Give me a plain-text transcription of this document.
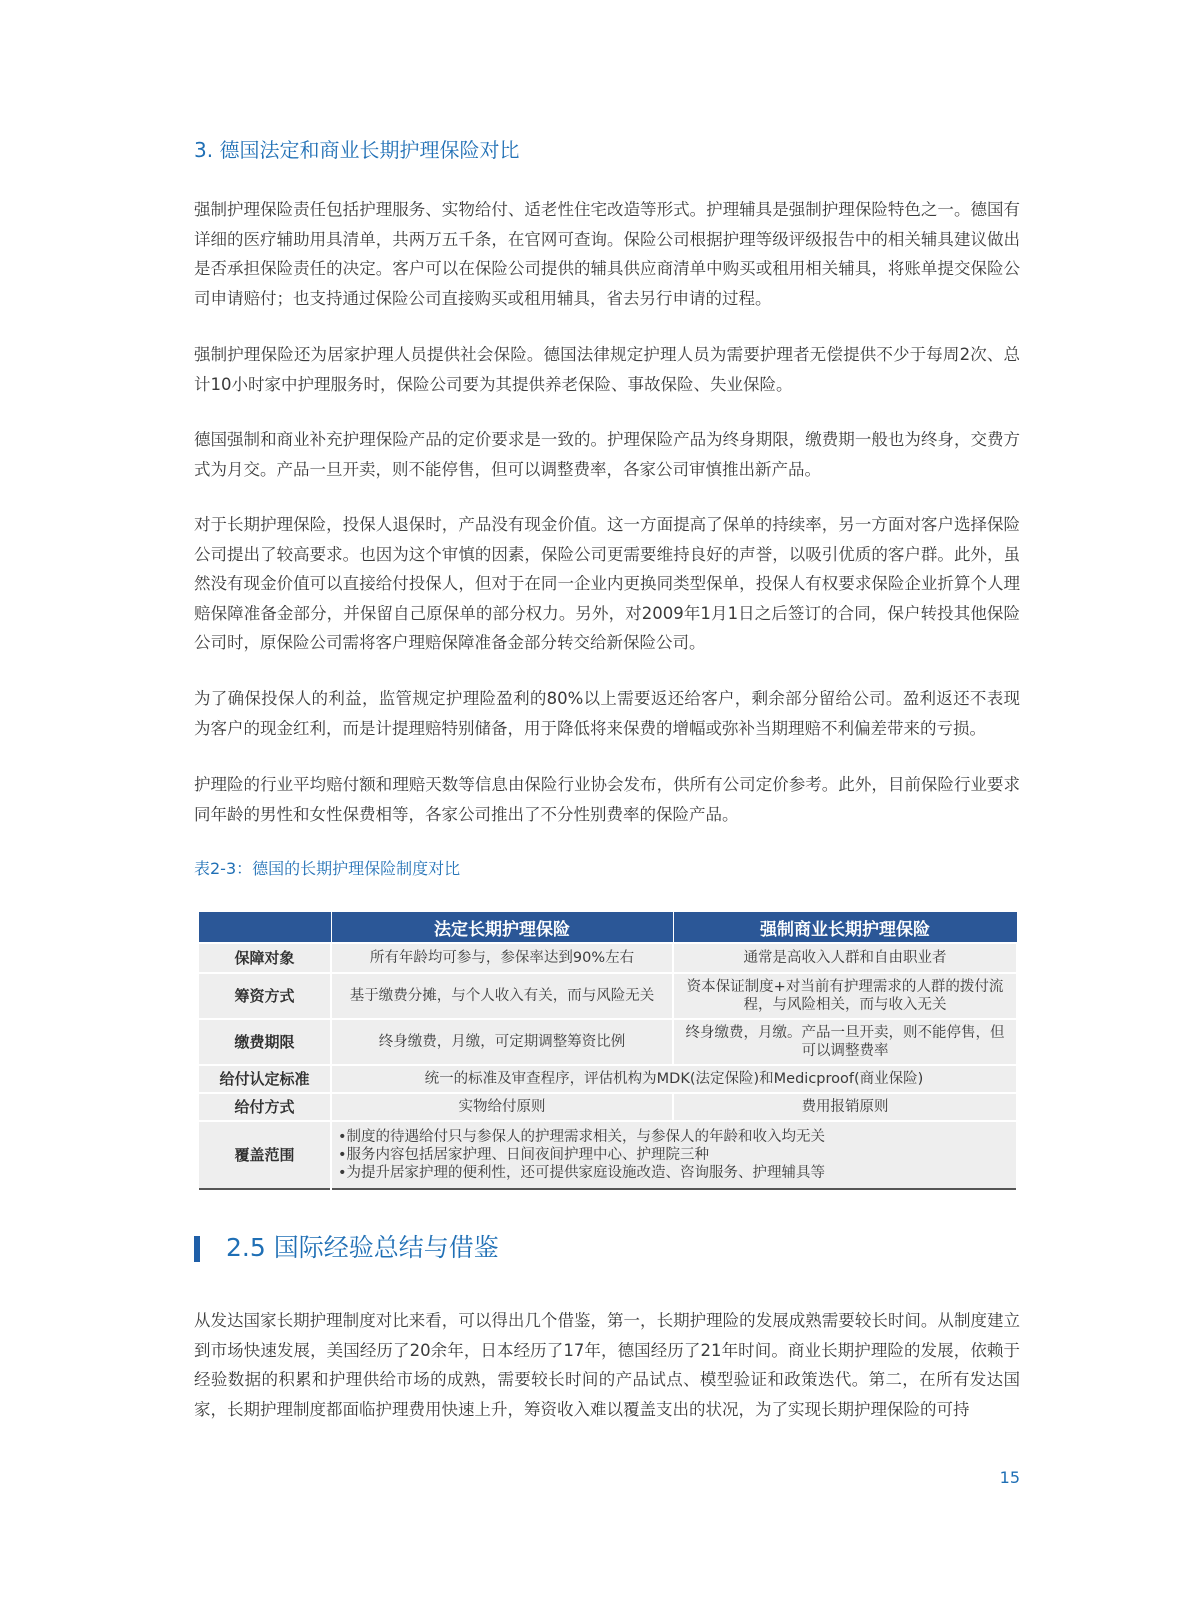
3. 德国法定和商业长期护理保险对比

强制护理保险责任包括护理服务、实物给付、适老性住宅改造等形式。护理辅具是强制护理保险特色之一。德国有详细的医疗辅助用具清单，共两万五千条，在官网可查询。保险公司根据护理等级评级报告中的相关辅具建议做出是否承担保险责任的决定。客户可以在保险公司提供的辅具供应商清单中购买或租用相关辅具，将账单提交保险公司申请赔付；也支持通过保险公司直接购买或租用辅具，省去另行申请的过程。

强制护理保险还为居家护理人员提供社会保险。德国法律规定护理人员为需要护理者无偿提供不少于每周2次、总计10小时家中护理服务时，保险公司要为其提供养老保险、事故保险、失业保险。

德国强制和商业补充护理保险产品的定价要求是一致的。护理保险产品为终身期限，缴费期一般也为终身，交费方式为月交。产品一旦开卖，则不能停售，但可以调整费率，各家公司审慎推出新产品。

对于长期护理保险，投保人退保时，产品没有现金价值。这一方面提高了保单的持续率，另一方面对客户选择保险公司提出了较高要求。也因为这个审慎的因素，保险公司更需要维持良好的声誉，以吸引优质的客户群。此外，虽然没有现金价值可以直接给付投保人，但对于在同一企业内更换同类型保单，投保人有权要求保险企业折算个人理赔保障准备金部分，并保留自己原保单的部分权力。另外，对2009年1月1日之后签订的合同，保户转投其他保险公司时，原保险公司需将客户理赔保障准备金部分转交给新保险公司。

为了确保投保人的利益，监管规定护理险盈利的80%以上需要返还给客户，剩余部分留给公司。盈利返还不表现为客户的现金红利，而是计提理赔特别储备，用于降低将来保费的增幅或弥补当期理赔不利偏差带来的亏损。

护理险的行业平均赔付额和理赔天数等信息由保险行业协会发布，供所有公司定价参考。此外，目前保险行业要求同年龄的男性和女性保费相等，各家公司推出了不分性别费率的保险产品。

表2-3：德国的长期护理保险制度对比

	法定长期护理保险	强制商业长期护理保险
保障对象	所有年龄均可参与，参保率达到90%左右	通常是高收入人群和自由职业者
筹资方式	基于缴费分摊，与个人收入有关，而与风险无关	资本保证制度+对当前有护理需求的人群的拨付流程，与风险相关，而与收入无关
缴费期限	终身缴费，月缴，可定期调整筹资比例	终身缴费，月缴。产品一旦开卖，则不能停售，但可以调整费率
给付认定标准	统一的标准及审查程序，评估机构为MDK(法定保险)和Medicproof(商业保险)	
给付方式	实物给付原则	费用报销原则
覆盖范围	•制度的待遇给付只与参保人的护理需求相关，与参保人的年龄和收入均无关
•服务内容包括居家护理、日间夜间护理中心、护理院三种
•为提升居家护理的便利性，还可提供家庭设施改造、咨询服务、护理辅具等	
2.5 国际经验总结与借鉴

从发达国家长期护理制度对比来看，可以得出几个借鉴，第一，长期护理险的发展成熟需要较长时间。从制度建立到市场快速发展，美国经历了20余年，日本经历了17年，德国经历了21年时间。商业长期护理险的发展，依赖于经验数据的积累和护理供给市场的成熟，需要较长时间的产品试点、模型验证和政策迭代。第二，在所有发达国家，长期护理制度都面临护理费用快速上升，筹资收入难以覆盖支出的状况，为了实现长期护理保险的可持

15
